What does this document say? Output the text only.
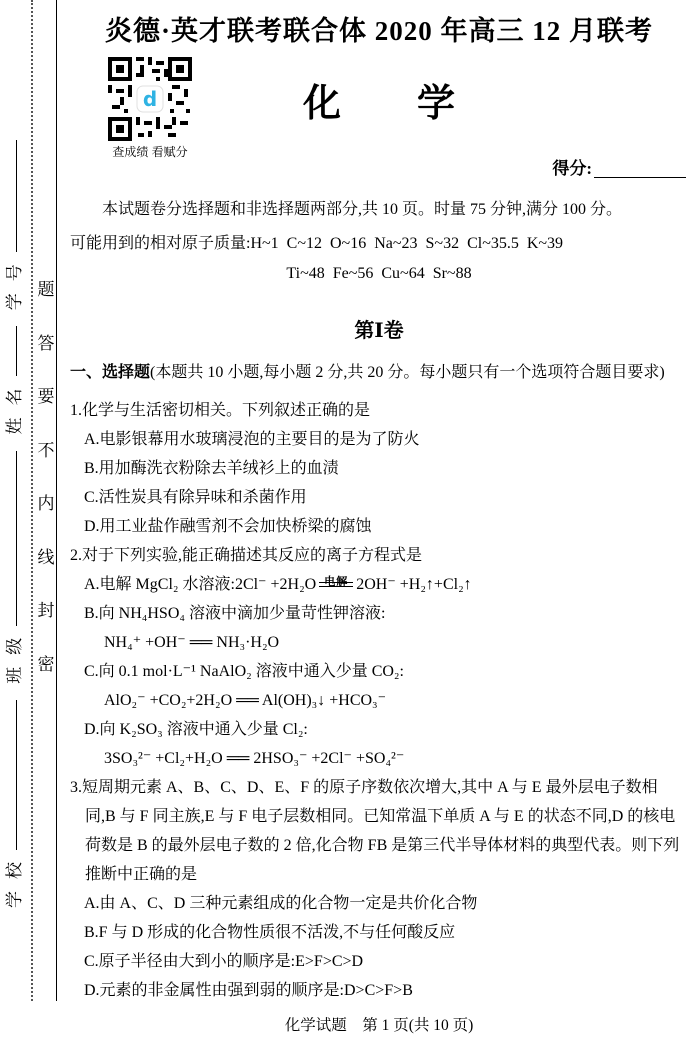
学校 班级 姓名 学号 题
答
要
不
内
线
封
密
炎德·英才联考联合体 2020 年高三 12 月联考
d
查成绩 看赋分
化　　学
得分:

本试题卷分选择题和非选择题两部分,共 10 页。时量 75 分钟,满分 100 分。

可能用到的相对原子质量:H~1  C~12  O~16  Na~23  S~32  Cl~35.5  K~39

Ti~48  Fe~56  Cu~64  Sr~88

第Ⅰ卷

一、选择题(本题共 10 小题,每小题 2 分,共 20 分。每小题只有一个选项符合题目要求)

1.化学与生活密切相关。下列叙述正确的是

A.电影银幕用水玻璃浸泡的主要目的是为了防火

B.用加酶洗衣粉除去羊绒衫上的血渍

C.活性炭具有除异味和杀菌作用

D.用工业盐作融雪剂不会加快桥梁的腐蚀

2.对于下列实验,能正确描述其反应的离子方程式是

A.电解 MgCl₂ 水溶液:2Cl⁻ +2H₂O 电解 2OH⁻ +H₂↑+Cl₂↑

B.向 NH₄HSO₄ 溶液中滴加少量苛性钾溶液:

NH₄⁺ +OH⁻ ══ NH₃·H₂O

C.向 0.1 mol·L⁻¹ NaAlO₂ 溶液中通入少量 CO₂:

AlO₂⁻ +CO₂+2H₂O ══ Al(OH)₃↓ +HCO₃⁻

D.向 K₂SO₃ 溶液中通入少量 Cl₂:

3SO₃²⁻ +Cl₂+H₂O ══ 2HSO₃⁻ +2Cl⁻ +SO₄²⁻

3.短周期元素 A、B、C、D、E、F 的原子序数依次增大,其中 A 与 E 最外层电子数相同,B 与 F 同主族,E 与 F 电子层数相同。已知常温下单质 A 与 E 的状态不同,D 的核电荷数是 B 的最外层电子数的 2 倍,化合物 FB 是第三代半导体材料的典型代表。则下列推断中正确的是

A.由 A、C、D 三种元素组成的化合物一定是共价化合物

B.F 与 D 形成的化合物性质很不活泼,不与任何酸反应

C.原子半径由大到小的顺序是:E>F>C>D

D.元素的非金属性由强到弱的顺序是:D>C>F>B

化学试题　第 1 页(共 10 页)
